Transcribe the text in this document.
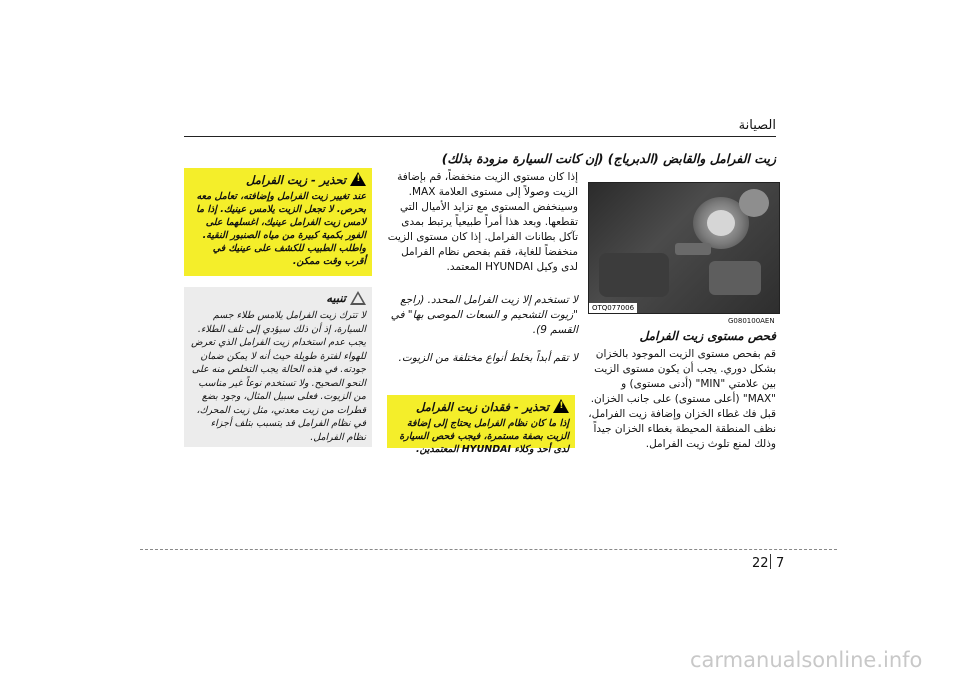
الصيانة
OTQ077006
G080100AEN
فحص مستوى زيت الفرامل
قم بفحص مستوى الزيت الموجود بالخزان بشكل دوري. يجب أن يكون مستوى الزيت بين علامتي "MIN" (أدنى مستوى) و "MAX" (أعلى مستوى) على جانب الخزان. قبل فك غطاء الخزان وإضافة زيت الفرامل، نظف المنطقة المحيطة بغطاء الخزان جيداً وذلك لمنع تلوث زيت الفرامل.
زيت الفرامل والقابض (الدبرياج) (إن كانت السيارة مزودة بذلك)
إذا كان مستوى الزيت منخفضاً، قم بإضافة الزيت وصولاً إلى مستوى العلامة MAX. وسينخفض المستوى مع تزايد الأميال التي تقطعها. وبعد هذا أمراً طبيعياً يرتبط بمدى تآكل بطانات الفرامل. إذا كان مستوى الزيت منخفضاً للغاية، فقم بفحص نظام الفرامل لدى وكيل HYUNDAI المعتمد.
لا تستخدم إلا زيت الفرامل المحدد. (راجع "زيوت التشحيم و السعات الموصى بها" في القسم 9).
لا تقم أبداً بخلط أنواع مختلفة من الزيوت.
!
تحذير - فقدان زيت الفرامل
إذا ما كان نظام الفرامل يحتاج إلى إضافة الزيت بصفة مستمرة، فيجب فحص السيارة لدى أحد وكلاء HYUNDAI المعتمدين.
!
تحذير - زيت الفرامل
عند تغيير زيت الفرامل وإضافته، تعامل معه بحرص. لا تجعل الزيت يلامس عينيك. إذا ما لامس زيت الفرامل عينيك، اغسلهما على الفور بكمية كبيرة من مياه الصنبور النقية. واطلب الطبيب للكشف على عينيك في أقرب وقت ممكن.
تنبيه
لا تترك زيت الفرامل يلامس طلاء جسم السيارة، إذ أن ذلك سيؤدي إلى تلف الطلاء. يجب عدم استخدام زيت الفرامل الذي تعرض للهواء لفترة طويلة حيث أنه لا يمكن ضمان جودته. في هذه الحالة يجب التخلص منه على النحو الصحيح. ولا تستخدم نوعاً غير مناسب من الزيوت. فعلى سبيل المثال، وجود بضع قطرات من زيت معدني، مثل زيت المحرك، في نظام الفرامل قد يتسبب بتلف أجزاء نظام الفرامل.
22 7
carmanualsonline.info
